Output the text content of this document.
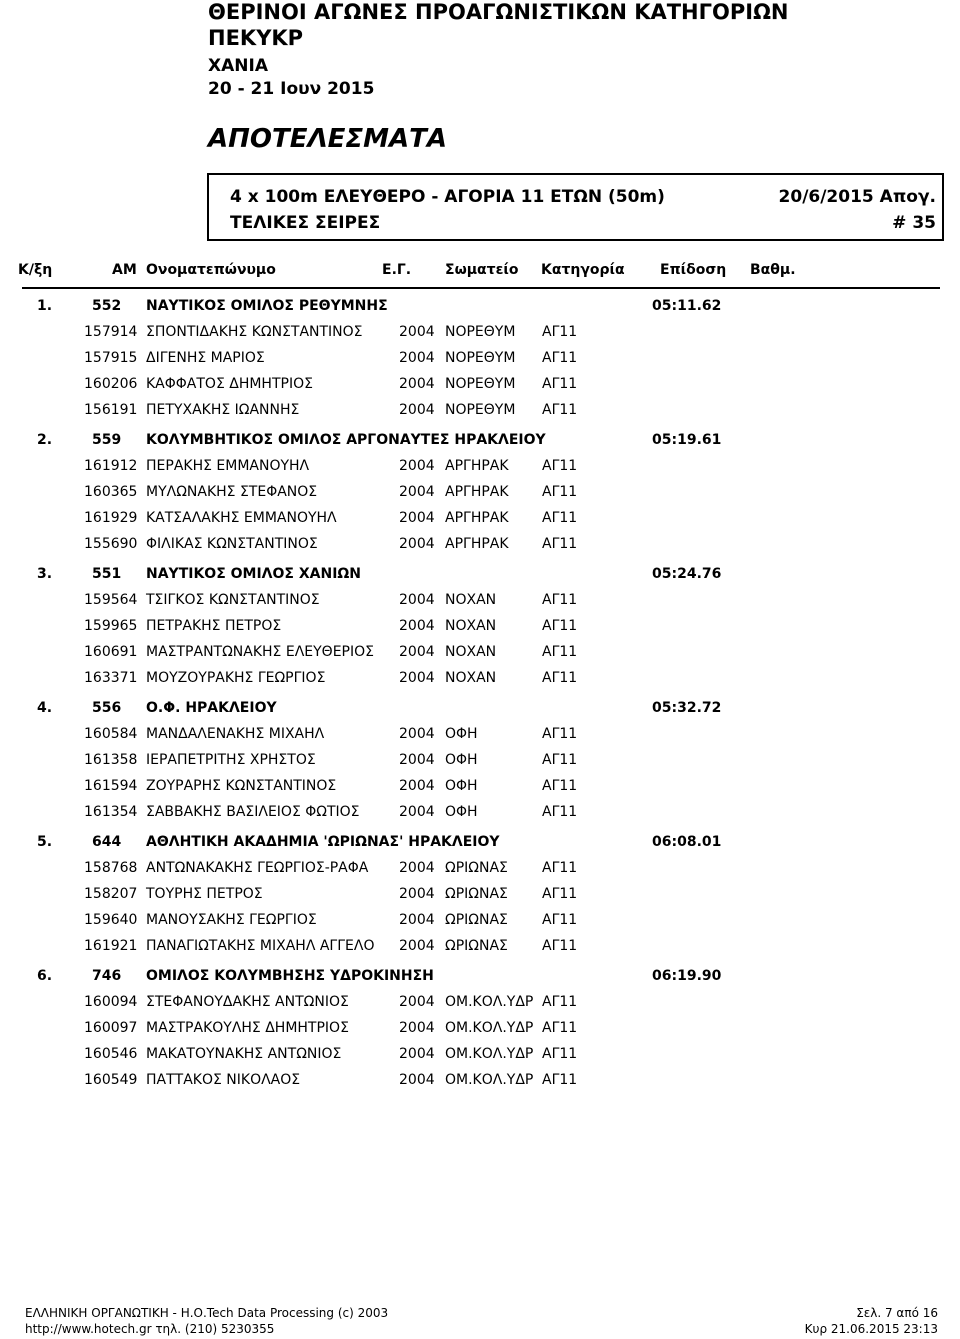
ΘΕΡΙΝΟΙ ΑΓΩΝΕΣ ΠΡΟΑΓΩΝΙΣΤΙΚΩΝ ΚΑΤΗΓΟΡΙΩΝ
ΠΕΚΥΚΡ
ΧΑΝΙΑ
20 - 21 Ιουν 2015
ΑΠΟΤΕΛΕΣΜΑΤΑ
4 x 100m ΕΛΕΥΘΕΡΟ - ΑΓΟΡΙΑ 11 ΕΤΩΝ (50m)	20/6/2015 Απογ.
ΤΕΛΙΚΕΣ ΣΕΙΡΕΣ	# 35
Κ/ξη	ΑΜ Ονοματεπώνυμο	Ε.Γ. Σωματείο Κατηγορία	Επίδοση Βαθμ.
1.	552 ΝΑΥΤΙΚΟΣ ΟΜΙΛΟΣ ΡΕΘΥΜΝΗΣ	05:11.62
157914 ΣΠΟΝΤΙΔΑΚΗΣ ΚΩΝΣΤΑΝΤΙΝΟΣ	2004 ΝΟΡΕΘΥΜ ΑΓ11
157915 ΔΙΓΕΝΗΣ ΜΑΡΙΟΣ	2004 ΝΟΡΕΘΥΜ ΑΓ11
160206 ΚΑΦΦΑΤΟΣ ΔΗΜΗΤΡΙΟΣ	2004 ΝΟΡΕΘΥΜ ΑΓ11
156191 ΠΕΤΥΧΑΚΗΣ ΙΩΑΝΝΗΣ	2004 ΝΟΡΕΘΥΜ ΑΓ11
2.	559 ΚΟΛΥΜΒΗΤΙΚΟΣ ΟΜΙΛΟΣ ΑΡΓΟΝΑΥΤΕΣ ΗΡΑΚΛΕΙΟΥ	05:19.61
161912 ΠΕΡΑΚΗΣ ΕΜΜΑΝΟΥΗΛ	2004 ΑΡΓΗΡΑΚ ΑΓ11
160365 ΜΥΛΩΝΑΚΗΣ ΣΤΕΦΑΝΟΣ	2004 ΑΡΓΗΡΑΚ ΑΓ11
161929 ΚΑΤΣΑΛΑΚΗΣ ΕΜΜΑΝΟΥΗΛ	2004 ΑΡΓΗΡΑΚ ΑΓ11
155690 ΦΙΛΙΚΑΣ ΚΩΝΣΤΑΝΤΙΝΟΣ	2004 ΑΡΓΗΡΑΚ ΑΓ11
3.	551 ΝΑΥΤΙΚΟΣ ΟΜΙΛΟΣ ΧΑΝΙΩΝ	05:24.76
159564 ΤΣΙΓΚΟΣ ΚΩΝΣΤΑΝΤΙΝΟΣ	2004 ΝΟΧΑΝ	ΑΓ11
159965 ΠΕΤΡΑΚΗΣ ΠΕΤΡΟΣ	2004 ΝΟΧΑΝ	ΑΓ11
160691 ΜΑΣΤΡΑΝΤΩΝΑΚΗΣ ΕΛΕΥΘΕΡΙΟΣ 2004 ΝΟΧΑΝ	ΑΓ11
163371 ΜΟΥΖΟΥΡΑΚΗΣ ΓΕΩΡΓΙΟΣ	2004 ΝΟΧΑΝ	ΑΓ11
4.	556 Ο.Φ. ΗΡΑΚΛΕΙΟΥ	05:32.72
160584 ΜΑΝΔΑΛΕΝΑΚΗΣ ΜΙΧΑΗΛ	2004 ΟΦΗ	ΑΓ11
161358 ΙΕΡΑΠΕΤΡΙΤΗΣ ΧΡΗΣΤΟΣ	2004 ΟΦΗ	ΑΓ11
161594 ΖΟΥΡΑΡΗΣ ΚΩΝΣΤΑΝΤΙΝΟΣ	2004 ΟΦΗ	ΑΓ11
161354 ΣΑΒΒΑΚΗΣ ΒΑΣΙΛΕΙΟΣ ΦΩΤΙΟΣ	2004 ΟΦΗ	ΑΓ11
5.	644 ΑΘΛΗΤΙΚΗ ΑΚΑΔΗΜΙΑ 'ΩΡΙΩΝΑΣ' ΗΡΑΚΛΕΙΟΥ	06:08.01
158768 ΑΝΤΩΝΑΚΑΚΗΣ ΓΕΩΡΓΙΟΣ-ΡΑΦΑ 2004 ΩΡΙΩΝΑΣ ΑΓ11
158207 ΤΟΥΡΗΣ ΠΕΤΡΟΣ	2004 ΩΡΙΩΝΑΣ ΑΓ11
159640 ΜΑΝΟΥΣΑΚΗΣ ΓΕΩΡΓΙΟΣ	2004 ΩΡΙΩΝΑΣ ΑΓ11
161921 ΠΑΝΑΓΙΩΤΑΚΗΣ ΜΙΧΑΗΛ ΑΓΓΕΛΟ 2004 ΩΡΙΩΝΑΣ ΑΓ11
6.	746 ΟΜΙΛΟΣ ΚΟΛΥΜΒΗΣΗΣ ΥΔΡΟΚΙΝΗΣΗ	06:19.90
160094 ΣΤΕΦΑΝΟΥΔΑΚΗΣ ΑΝΤΩΝΙΟΣ	2004 ΟΜ.ΚΟΛ.ΥΔΡ ΑΓ11
160097 ΜΑΣΤΡΑΚΟΥΛΗΣ ΔΗΜΗΤΡΙΟΣ	2004 ΟΜ.ΚΟΛ.ΥΔΡ ΑΓ11
160546 ΜΑΚΑΤΟΥΝΑΚΗΣ ΑΝΤΩΝΙΟΣ	2004 ΟΜ.ΚΟΛ.ΥΔΡ ΑΓ11
160549 ΠΑΤΤΑΚΟΣ ΝΙΚΟΛΑΟΣ	2004 ΟΜ.ΚΟΛ.ΥΔΡ ΑΓ11
ΕΛΛΗΝΙΚΗ ΟΡΓΑΝΩΤΙΚΗ - Η.Ο.Tech Data Processing (c) 2003
http://www.hotech.gr τηλ. (210) 5230355
Σελ. 7 από 16
Κυρ 21.06.2015 23:13
